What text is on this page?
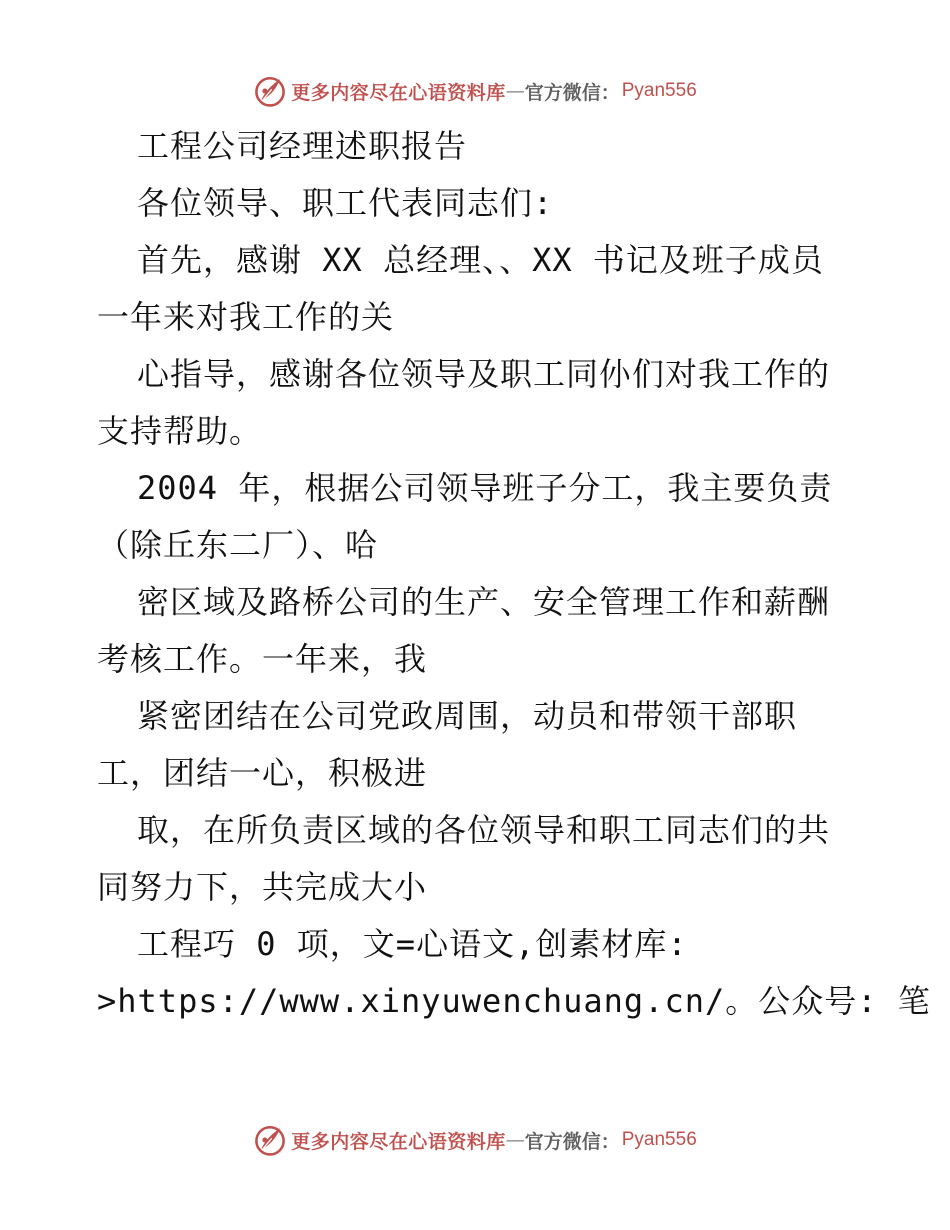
更多内容尽在心语资料库 — 官方微信： Pyan556
工程公司经理述职报告
各位领导、职工代表同志们:
首先，感谢 XX 总经理、、XX 书记及班子成员
一年来对我工作的关
心指导，感谢各位领导及职工同仦们对我工作的
支持帮助。
2004 年，根据公司领导班子分工，我主要负责
（除丘东二厂）、哈
密区域及路桥公司的生产、安全管理工作和薪酬
考核工作。一年来，我
紧密团结在公司党政周围，动员和带领干部职
工，团结一心，积极进
取，在所负责区域的各位领导和职工同志们的共
同努力下，共完成大小
工程巧 0 项，文=心语文,创素材库:
>https://www.xinyuwenchuang.cn/。公众号: 笔
更多内容尽在心语资料库 — 官方微信： Pyan556
